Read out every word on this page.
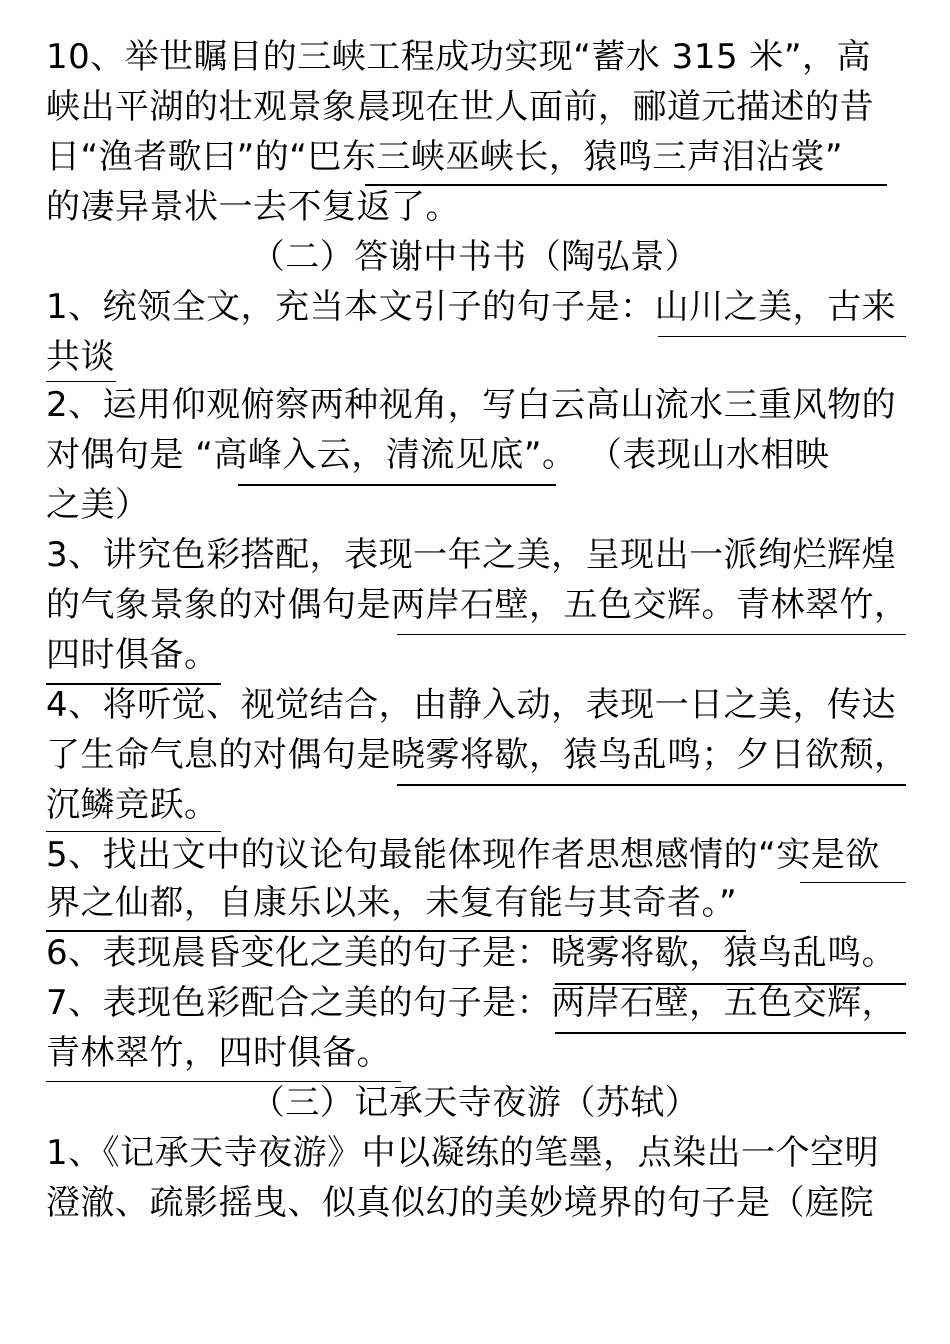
10、举世瞩目的三峡工程成功实现“蓄水 315 米”，高
峡出平湖的壮观景象晨现在世人面前，郦道元描述的昔
日“渔者歌曰”的“巴东三峡巫峡长，猿鸣三声泪沾裳”
的凄异景状一去不复返了。
（二）答谢中书书（陶弘景）
1、统领全文，充当本文引子的句子是：山川之美，古来
共谈
2、运用仰观俯察两种视角，写白云高山流水三重风物的
对偶句是 “高峰入云，清流见底”。 （表现山水相映
之美）
3、讲究色彩搭配，表现一年之美，呈现出一派绚烂辉煌
的气象景象的对偶句是两岸石壁，五色交辉。青林翠竹，
四时俱备。
4、将听觉、视觉结合，由静入动，表现一日之美，传达
了生命气息的对偶句是晓雾将歇，猿鸟乱鸣；夕日欲颓，
沉鳞竞跃。
5、找出文中的议论句最能体现作者思想感情的“实是欲
界之仙都，自康乐以来，未复有能与其奇者。”
6、表现晨昏变化之美的句子是：晓雾将歇，猿鸟乱鸣。
7、表现色彩配合之美的句子是：两岸石壁，五色交辉，
青林翠竹，四时俱备。
（三）记承天寺夜游（苏轼）
1、《记承天寺夜游》中以凝练的笔墨，点染出一个空明
澄澈、疏影摇曳、似真似幻的美妙境界的句子是（庭院
